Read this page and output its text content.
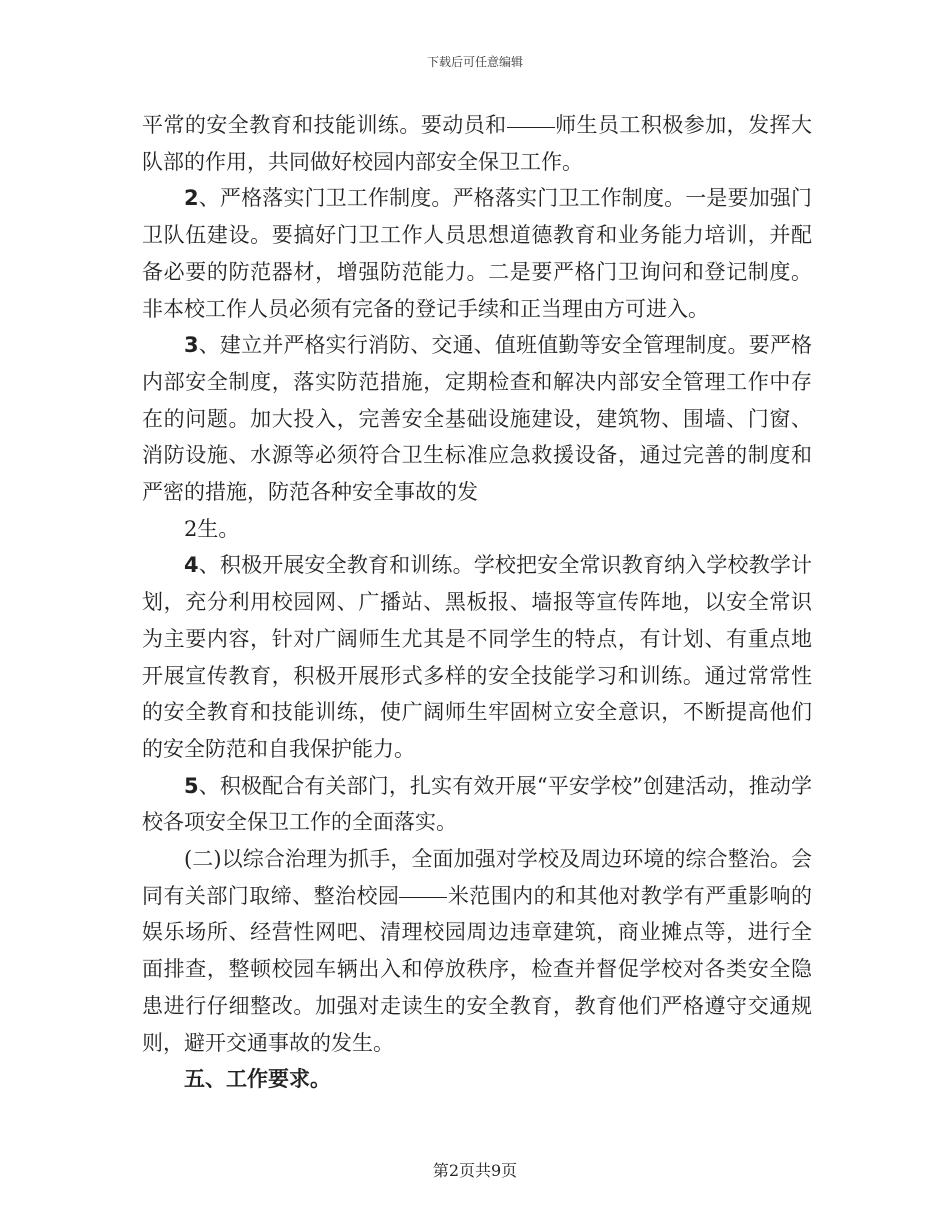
下载后可任意编辑

平常的安全教育和技能训练。要动员和 师生员工积极参加，发挥大队部的作用，共同做好校园内部安全保卫工作。

2、严格落实门卫工作制度。严格落实门卫工作制度。一是要加强门卫队伍建设。要搞好门卫工作人员思想道德教育和业务能力培训，并配备必要的防范器材，增强防范能力。二是要严格门卫询问和登记制度。非本校工作人员必须有完备的登记手续和正当理由方可进入。

3、建立并严格实行消防、交通、值班值勤等安全管理制度。要严格内部安全制度，落实防范措施，定期检查和解决内部安全管理工作中存在的问题。加大投入，完善安全基础设施建设，建筑物、围墙、门窗、消防设施、水源等必须符合卫生标准应急救援设备，通过完善的制度和严密的措施，防范各种安全事故的发

2生。

4、积极开展安全教育和训练。学校把安全常识教育纳入学校教学计划，充分利用校园网、广播站、黑板报、墙报等宣传阵地，以安全常识为主要内容，针对广阔师生尤其是不同学生的特点，有计划、有重点地开展宣传教育，积极开展形式多样的安全技能学习和训练。通过常常性的安全教育和技能训练，使广阔师生牢固树立安全意识，不断提高他们的安全防范和自我保护能力。

5、积极配合有关部门，扎实有效开展“平安学校”创建活动，推动学校各项安全保卫工作的全面落实。

(二)以综合治理为抓手，全面加强对学校及周边环境的综合整治。会同有关部门取缔、整治校园 米范围内的和其他对教学有严重影响的娱乐场所、经营性网吧、清理校园周边违章建筑，商业摊点等，进行全面排查，整顿校园车辆出入和停放秩序，检查并督促学校对各类安全隐患进行仔细整改。加强对走读生的安全教育，教育他们严格遵守交通规则，避开交通事故的发生。

五、工作要求。

第2页共9页
